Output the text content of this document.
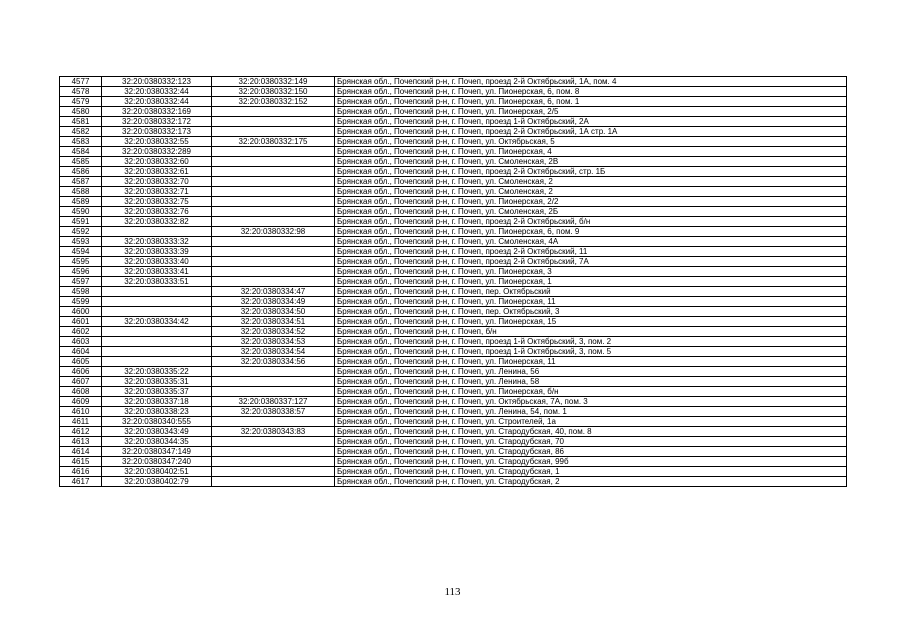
4577	32:20:0380332:123	32:20:0380332:149	Брянская обл., Почепский р-н, г. Почеп, проезд 2-й Октябрьский, 1А, пом. 4
4578	32:20:0380332:44	32:20:0380332:150	Брянская обл., Почепский р-н, г. Почеп, ул. Пионерская, 6, пом. 8
4579	32:20:0380332:44	32:20:0380332:152	Брянская обл., Почепский р-н, г. Почеп, ул. Пионерская, 6, пом. 1
4580	32:20:0380332:169		Брянская обл., Почепский р-н, г. Почеп, ул. Пионерская, 2/5
4581	32:20:0380332:172		Брянская обл., Почепский р-н, г. Почеп, проезд 1-й Октябрьский, 2А
4582	32:20:0380332:173		Брянская обл., Почепский р-н, г. Почеп, проезд 2-й Октябрьский, 1А стр. 1А
4583	32:20:0380332:55	32:20:0380332:175	Брянская обл., Почепский р-н, г. Почеп, ул. Октябрьская, 5
4584	32:20:0380332:289		Брянская обл., Почепский р-н, г. Почеп, ул. Пионерская, 4
4585	32:20:0380332:60		Брянская обл., Почепский р-н, г. Почеп, ул. Смоленская, 2В
4586	32:20:0380332:61		Брянская обл., Почепский р-н, г. Почеп, проезд 2-й Октябрьский, стр. 1Б
4587	32:20:0380332:70		Брянская обл., Почепский р-н, г. Почеп, ул. Смоленская, 2
4588	32:20:0380332:71		Брянская обл., Почепский р-н, г. Почеп, ул. Смоленская, 2
4589	32:20:0380332:75		Брянская обл., Почепский р-н, г. Почеп, ул. Пионерская, 2/2
4590	32:20:0380332:76		Брянская обл., Почепский р-н, г. Почеп, ул. Смоленская, 2Б
4591	32:20:0380332:82		Брянская обл., Почепский р-н, г. Почеп, проезд 2-й Октябрьский, б/н
4592		32:20:0380332:98	Брянская обл., Почепский р-н, г. Почеп, ул. Пионерская, 6, пом. 9
4593	32:20:0380333:32		Брянская обл., Почепский р-н, г. Почеп, ул. Смоленская, 4А
4594	32:20:0380333:39		Брянская обл., Почепский р-н, г. Почеп, проезд 2-й Октябрьский, 11
4595	32:20:0380333:40		Брянская обл., Почепский р-н, г. Почеп, проезд 2-й Октябрьский, 7А
4596	32:20:0380333:41		Брянская обл., Почепский р-н, г. Почеп, ул. Пионерская, 3
4597	32:20:0380333:51		Брянская обл., Почепский р-н, г. Почеп, ул. Пионерская, 1
4598		32:20:0380334:47	Брянская обл., Почепский р-н, г. Почеп, пер. Октябрьский
4599		32:20:0380334:49	Брянская обл., Почепский р-н, г. Почеп, ул. Пионерская, 11
4600		32:20:0380334:50	Брянская обл., Почепский р-н, г. Почеп, пер. Октябрьский, 3
4601	32:20:0380334:42	32:20:0380334:51	Брянская обл., Почепский р-н, г. Почеп, ул. Пионерская, 15
4602		32:20:0380334:52	Брянская обл., Почепский р-н, г. Почеп, б/н
4603		32:20:0380334:53	Брянская обл., Почепский р-н, г. Почеп, проезд 1-й Октябрьский, 3, пом. 2
4604		32:20:0380334:54	Брянская обл., Почепский р-н, г. Почеп, проезд 1-й Октябрьский, 3, пом. 5
4605		32:20:0380334:56	Брянская обл., Почепский р-н, г. Почеп, ул. Пионерская, 11
4606	32:20:0380335:22		Брянская обл., Почепский р-н, г. Почеп, ул. Ленина, 56
4607	32:20:0380335:31		Брянская обл., Почепский р-н, г. Почеп, ул. Ленина, 58
4608	32:20:0380335:37		Брянская обл., Почепский р-н, г. Почеп, ул. Пионерская, б/н
4609	32:20:0380337:18	32:20:0380337:127	Брянская обл., Почепский р-н, г. Почеп, ул. Октябрьская, 7А, пом. 3
4610	32:20:0380338:23	32:20:0380338:57	Брянская обл., Почепский р-н, г. Почеп, ул. Ленина, 54, пом. 1
4611	32:20:0380340:555		Брянская обл., Почепский р-н, г. Почеп, ул. Строителей, 1а
4612	32:20:0380343:49	32:20:0380343:83	Брянская обл., Почепский р-н, г. Почеп, ул. Стародубская, 40, пом. 8
4613	32:20:0380344:35		Брянская обл., Почепский р-н, г. Почеп, ул. Стародубская, 70
4614	32:20:0380347:149		Брянская обл., Почепский р-н, г. Почеп, ул. Стародубская, 86
4615	32:20:0380347:240		Брянская обл., Почепский р-н, г. Почеп, ул. Стародубская, 99б
4616	32:20:0380402:51		Брянская обл., Почепский р-н, г. Почеп, ул. Стародубская, 1
4617	32:20:0380402:79		Брянская обл., Почепский р-н, г. Почеп, ул. Стародубская, 2
113
